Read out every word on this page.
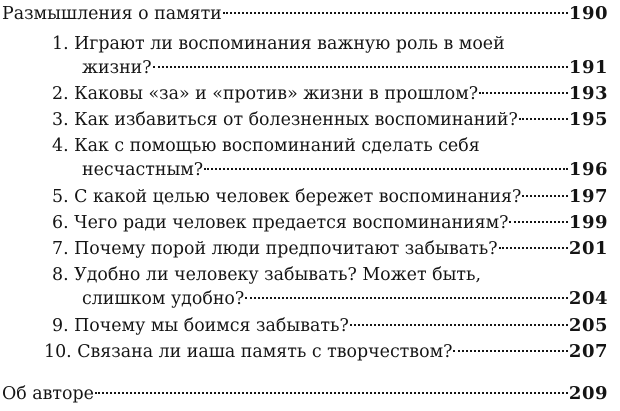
Размышления о памяти	190
1.
Играют ли воспоминания важную роль в моей
жизни?	191
2.
Каковы «за» и «против» жизни в прошлом?	193
3.
Как избавиться от болезненных воспоминаний?	195
4.
Как с помощью воспоминаний сделать себя
несчастным?	196
5.
С какой целью человек бережет воспоминания?	197
6.
Чего ради человек предается воспоминаниям?	199
7.
Почему порой люди предпочитают забывать?	201
8.
Удобно ли человеку забывать? Может быть,
слишком удобно?	204
9.
Почему мы боимся забывать?	205
10.
Связана ли иаша память с творчеством?	207
Об авторе	209
